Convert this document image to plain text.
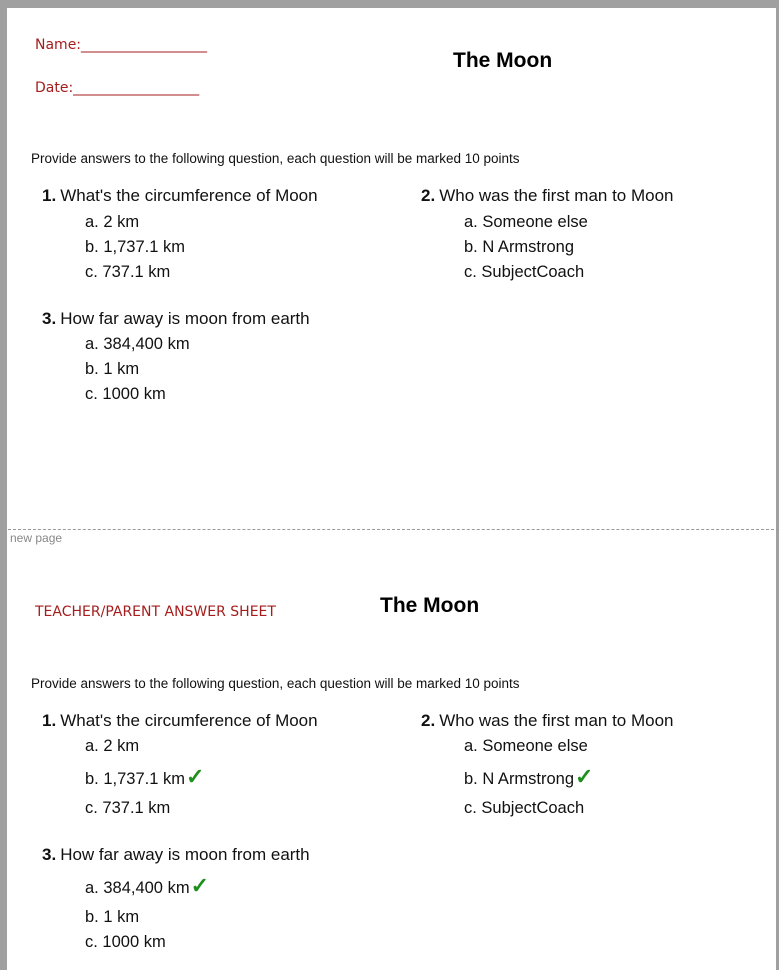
Name:__________________
Date:__________________
The Moon
Provide answers to the following question, each question will be marked 10 points
1. What's the circumference of Moon
a. 2 km
b. 1,737.1 km
c. 737.1 km
2. Who was the first man to Moon
a. Someone else
b. N Armstrong
c. SubjectCoach
3. How far away is moon from earth
a. 384,400 km
b. 1 km
c. 1000 km
new page
TEACHER/PARENT ANSWER SHEET	The Moon
Provide answers to the following question, each question will be marked 10 points
1. What's the circumference of Moon
a. 2 km
b. 1,737.1 km✓
c. 737.1 km
2. Who was the first man to Moon
a. Someone else
b. N Armstrong✓
c. SubjectCoach
3. How far away is moon from earth
a. 384,400 km✓
b. 1 km
c. 1000 km
